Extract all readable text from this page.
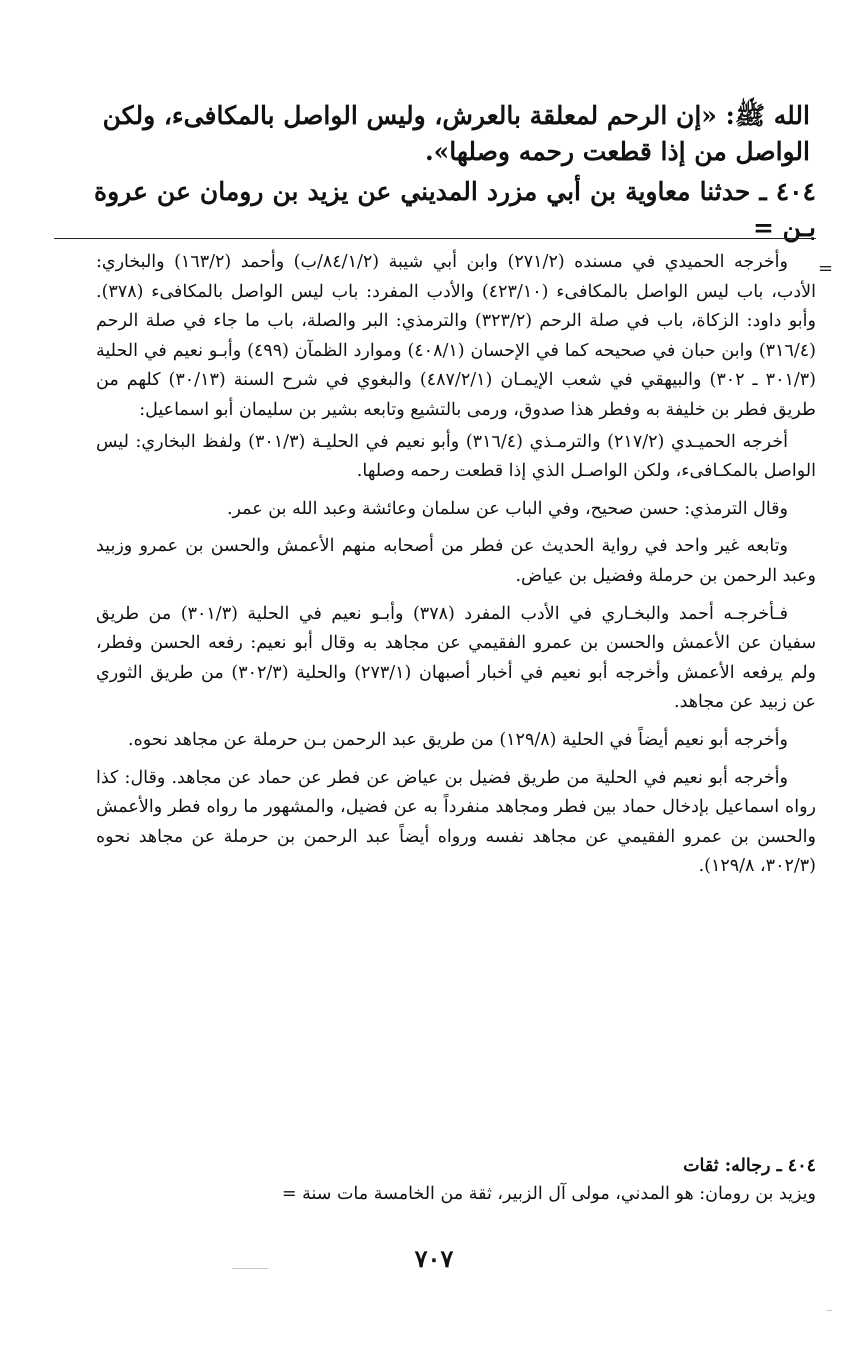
الله ﷺ: «إن الرحم لمعلقة بالعرش، وليس الواصل بالمكافىء، ولكن

الواصل من إذا قطعت رحمه وصلها».

٤٠٤ ـ حدثنا معاوية بن أبي مزرد المديني عن يزيد بن رومان عن عروة بـن =

=

وأخرجه الحميدي في مسنده (٢٧١/٢) وابن أبي شيبة (٨٤/١/٢/ب) وأحمد (١٦٣/٢) والبخاري: الأدب، باب ليس الواصل بالمكافىء (٤٢٣/١٠) والأدب المفرد: باب ليس الواصل بالمكافىء (٣٧٨). وأبو داود: الزكاة، باب في صلة الرحم (٣٢٣/٢) والترمذي: البر والصلة، باب ما جاء في صلة الرحم (٣١٦/٤) وابن حبان في صحيحه كما في الإحسان (٤٠٨/١) وموارد الظمآن (٤٩٩) وأبـو نعيم في الحلية (٣٠١/٣ ـ ٣٠٢) والبيهقي في شعب الإيمـان (٤٨٧/٢/١) والبغوي في شرح السنة (٣٠/١٣) كلهم من طريق فطر بن خليفة به وفطر هذا صدوق، ورمى بالتشيع وتابعه بشير بن سليمان أبو اسماعيل:

أخرجه الحميـدي (٢١٧/٢) والترمـذي (٣١٦/٤) وأبو نعيم في الحليـة (٣٠١/٣) ولفظ البخاري: ليس الواصل بالمكـافىء، ولكن الواصـل الذي إذا قطعت رحمه وصلها.

وقال الترمذي: حسن صحيح، وفي الباب عن سلمان وعائشة وعبد الله بن عمر.

وتابعه غير واحد في رواية الحديث عن فطر من أصحابه منهم الأعمش والحسن بن عمرو وزبيد وعبد الرحمن بن حرملة وفضيل بن عياض.

فـأخرجـه أحمد والبخـاري في الأدب المفرد (٣٧٨) وأبـو نعيم في الحلية (٣٠١/٣) من طريق سفيان عن الأعمش والحسن بن عمرو الفقيمي عن مجاهد به وقال أبو نعيم: رفعه الحسن وفطر، ولم يرفعه الأعمش وأخرجه أبو نعيم في أخبار أصبهان (٢٧٣/١) والحلية (٣٠٢/٣) من طريق الثوري عن زبيد عن مجاهد.

وأخرجه أبو نعيم أيضاً في الحلية (١٢٩/٨) من طريق عبد الرحمن بـن حرملة عن مجاهد نحوه.

وأخرجه أبو نعيم في الحلية من طريق فضيل بن عياض عن فطر عن حماد عن مجاهد. وقال: كذا رواه اسماعيل بإدخال حماد بين فطر ومجاهد منفرداً به عن فضيل، والمشهور ما رواه فطر والأعمش والحسن بن عمرو الفقيمي عن مجاهد نفسه ورواه أيضاً عبد الرحمن بن حرملة عن مجاهد نحوه (٣٠٢/٣، ١٢٩/٨).

٤٠٤ ـ رجاله: ثقات

ويزيد بن رومان: هو المدني، مولى آل الزبير، ثقة من الخامسة مات سنة =

٧٠٧
